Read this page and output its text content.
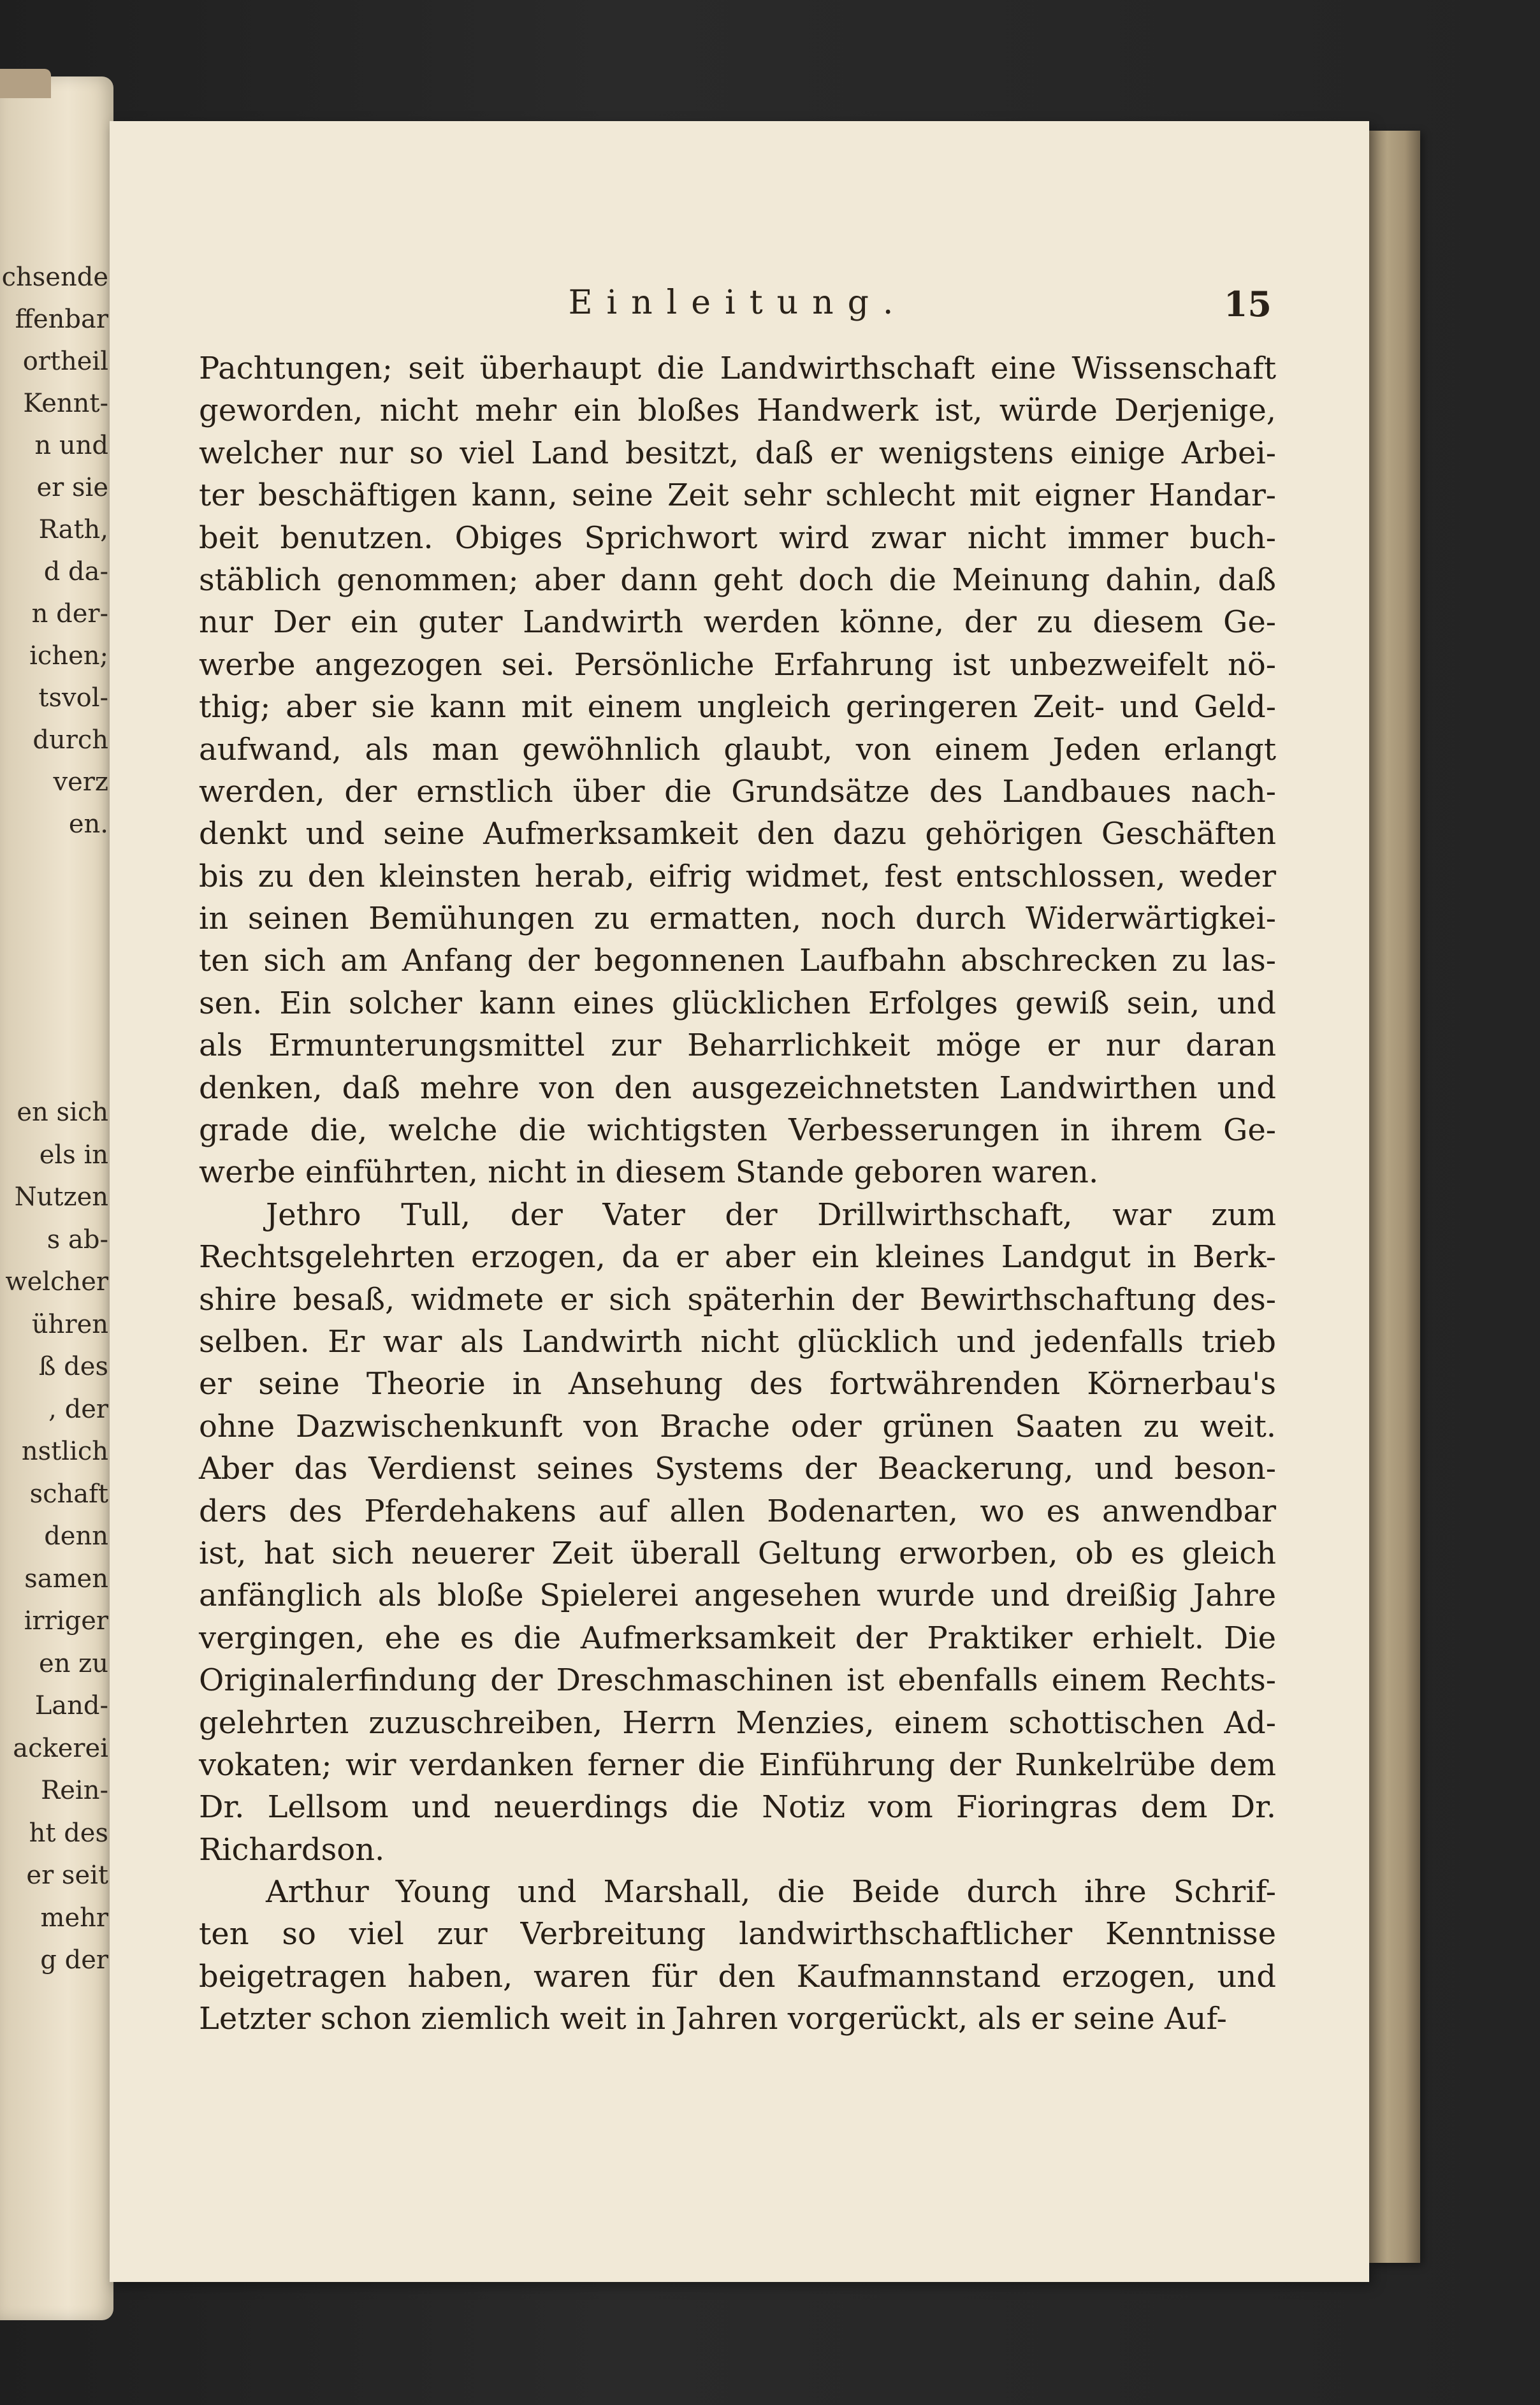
chsende
ffenbar
ortheil
Kennt-
n und
er sie
Rath,
d da-
n der-
ichen;
tsvol-
durch
verz
en.
en sich
els in
Nutzen
s ab-
welcher
ühren
ß des
, der
nstlich
schaft
denn
samen
irriger
en zu
Land-
ackerei
Rein-
ht des
er seit
mehr
g der
Einleitung.	15
Pachtungen; seit überhaupt die Landwirthschaft eine Wissenschaft
geworden, nicht mehr ein bloßes Handwerk ist, würde Derjenige,
welcher nur so viel Land besitzt, daß er wenigstens einige Arbei-
ter beschäftigen kann, seine Zeit sehr schlecht mit eigner Handar-
beit benutzen. Obiges Sprichwort wird zwar nicht immer buch-
stäblich genommen; aber dann geht doch die Meinung dahin, daß
nur Der ein guter Landwirth werden könne, der zu diesem Ge-
werbe angezogen sei. Persönliche Erfahrung ist unbezweifelt nö-
thig; aber sie kann mit einem ungleich geringeren Zeit- und Geld-
aufwand, als man gewöhnlich glaubt, von einem Jeden erlangt
werden, der ernstlich über die Grundsätze des Landbaues nach-
denkt und seine Aufmerksamkeit den dazu gehörigen Geschäften
bis zu den kleinsten herab, eifrig widmet, fest entschlossen, weder
in seinen Bemühungen zu ermatten, noch durch Widerwärtigkei-
ten sich am Anfang der begonnenen Laufbahn abschrecken zu las-
sen. Ein solcher kann eines glücklichen Erfolges gewiß sein, und
als Ermunterungsmittel zur Beharrlichkeit möge er nur daran
denken, daß mehre von den ausgezeichnetsten Landwirthen und
grade die, welche die wichtigsten Verbesserungen in ihrem Ge-
werbe einführten, nicht in diesem Stande geboren waren.
Jethro Tull, der Vater der Drillwirthschaft, war zum
Rechtsgelehrten erzogen, da er aber ein kleines Landgut in Berk-
shire besaß, widmete er sich späterhin der Bewirthschaftung des-
selben. Er war als Landwirth nicht glücklich und jedenfalls trieb
er seine Theorie in Ansehung des fortwährenden Körnerbau's
ohne Dazwischenkunft von Brache oder grünen Saaten zu weit.
Aber das Verdienst seines Systems der Beackerung, und beson-
ders des Pferdehakens auf allen Bodenarten, wo es anwendbar
ist, hat sich neuerer Zeit überall Geltung erworben, ob es gleich
anfänglich als bloße Spielerei angesehen wurde und dreißig Jahre
vergingen, ehe es die Aufmerksamkeit der Praktiker erhielt. Die
Originalerfindung der Dreschmaschinen ist ebenfalls einem Rechts-
gelehrten zuzuschreiben, Herrn Menzies, einem schottischen Ad-
vokaten; wir verdanken ferner die Einführung der Runkelrübe dem
Dr. Lellsom und neuerdings die Notiz vom Fioringras dem Dr.
Richardson.
Arthur Young und Marshall, die Beide durch ihre Schrif-
ten so viel zur Verbreitung landwirthschaftlicher Kenntnisse
beigetragen haben, waren für den Kaufmannstand erzogen, und
Letzter schon ziemlich weit in Jahren vorgerückt, als er seine Auf-
